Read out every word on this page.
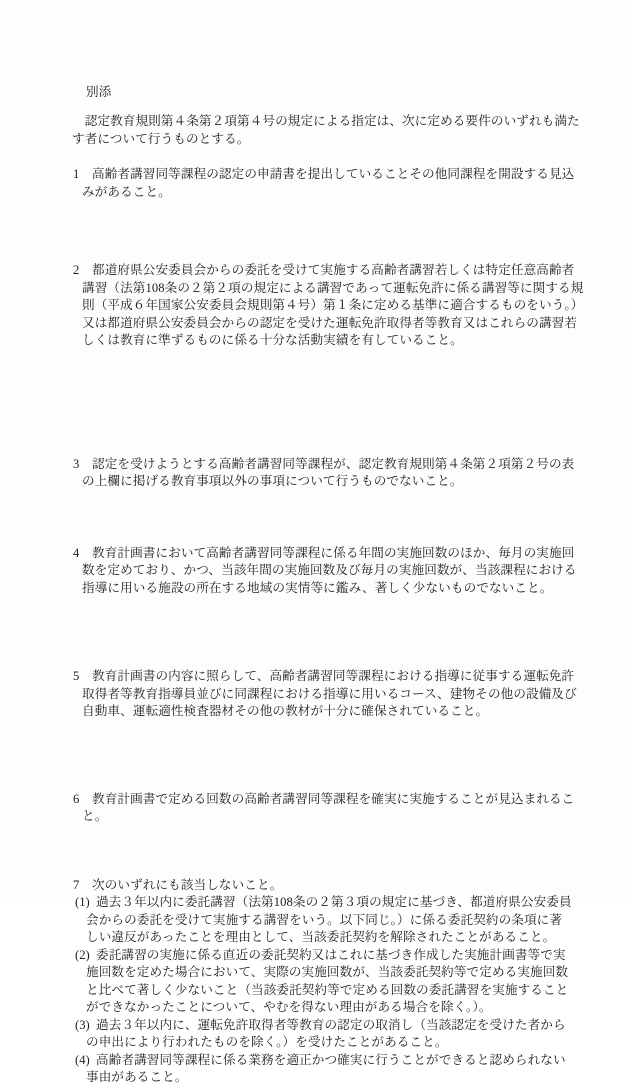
別添
　認定教育規則第４条第２項第４号の規定による指定は、次に定める要件のいずれも満た
す者について行うものとする。
1 高齢者講習同等課程の認定の申請書を提出していることその他同課程を開設する見込
みがあること。
2 都道府県公安委員会からの委託を受けて実施する高齢者講習若しくは特定任意高齢者
講習（法第108条の２第２項の規定による講習であって運転免許に係る講習等に関する規
則（平成６年国家公安委員会規則第４号）第１条に定める基準に適合するものをいう。）
又は都道府県公安委員会からの認定を受けた運転免許取得者等教育又はこれらの講習若
しくは教育に準ずるものに係る十分な活動実績を有していること。
3 認定を受けようとする高齢者講習同等課程が、認定教育規則第４条第２項第２号の表
の上欄に掲げる教育事項以外の事項について行うものでないこと。
4 教育計画書において高齢者講習同等課程に係る年間の実施回数のほか、毎月の実施回
数を定めており、かつ、当該年間の実施回数及び毎月の実施回数が、当該課程における
指導に用いる施設の所在する地域の実情等に鑑み、著しく少ないものでないこと。
5 教育計画書の内容に照らして、高齢者講習同等課程における指導に従事する運転免許
取得者等教育指導員並びに同課程における指導に用いるコース、建物その他の設備及び
自動車、運転適性検査器材その他の教材が十分に確保されていること。
6 教育計画書で定める回数の高齢者講習同等課程を確実に実施することが見込まれるこ
と。
7 次のいずれにも該当しないこと。
(1) 過去３年以内に委託講習（法第108条の２第３項の規定に基づき、都道府県公安委員
会からの委託を受けて実施する講習をいう。以下同じ。）に係る委託契約の条項に著
しい違反があったことを理由として、当該委託契約を解除されたことがあること。
(2) 委託講習の実施に係る直近の委託契約又はこれに基づき作成した実施計画書等で実
施回数を定めた場合において、実際の実施回数が、当該委託契約等で定める実施回数
と比べて著しく少ないこと（当該委託契約等で定める回数の委託講習を実施すること
ができなかったことについて、やむを得ない理由がある場合を除く。）。
(3) 過去３年以内に、運転免許取得者等教育の認定の取消し（当該認定を受けた者から
の申出により行われたものを除く。）を受けたことがあること。
(4) 高齢者講習同等課程に係る業務を適正かつ確実に行うことができると認められない
事由があること。
